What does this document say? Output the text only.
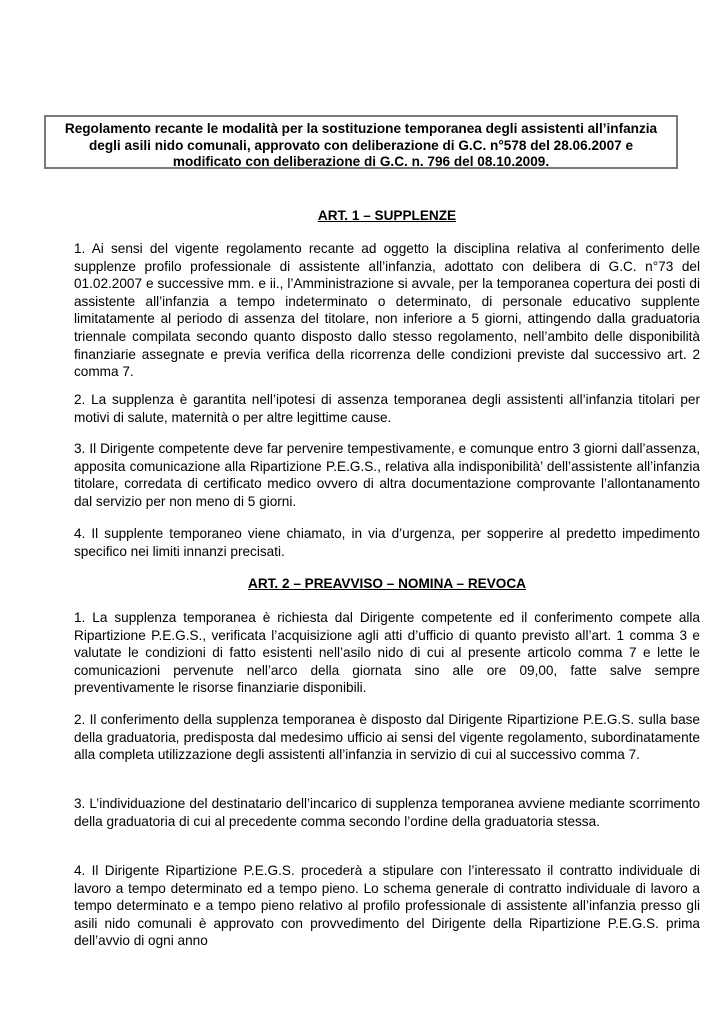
Regolamento recante le modalità per la sostituzione temporanea degli assistenti all’infanzia degli asili nido comunali, approvato con deliberazione di G.C. n°578 del 28.06.2007 e modificato con deliberazione di G.C. n. 796 del 08.10.2009.
ART. 1 – SUPPLENZE

1. Ai sensi del vigente regolamento recante ad oggetto la disciplina relativa al conferimento delle supplenze profilo professionale di assistente all’infanzia, adottato con delibera di G.C. n°73 del 01.02.2007 e successive mm. e ii., l’Amministrazione si avvale, per la temporanea copertura dei posti di assistente all’infanzia a tempo indeterminato o determinato, di personale educativo supplente limitatamente al periodo di assenza del titolare, non inferiore a 5 giorni, attingendo dalla graduatoria triennale compilata secondo quanto disposto dallo stesso regolamento, nell’ambito delle disponibilità finanziarie assegnate e previa verifica della ricorrenza delle condizioni previste dal successivo art. 2 comma 7.

2. La supplenza è garantita nell’ipotesi di assenza temporanea degli assistenti all’infanzia titolari per motivi di salute, maternità o per altre legittime cause.

3. Il Dirigente competente deve far pervenire tempestivamente, e comunque entro 3 giorni dall’assenza, apposita comunicazione alla Ripartizione P.E.G.S., relativa alla indisponibilità’ dell’assistente all’infanzia titolare, corredata di certificato medico ovvero di altra documentazione comprovante l’allontanamento dal servizio per non meno di 5 giorni.

4. Il supplente temporaneo viene chiamato, in via d’urgenza, per sopperire al predetto impedimento specifico nei limiti innanzi precisati.

ART. 2 – PREAVVISO – NOMINA – REVOCA

1. La supplenza temporanea è richiesta dal Dirigente competente ed il conferimento compete alla Ripartizione P.E.G.S., verificata l’acquisizione agli atti d’ufficio di quanto previsto all’art. 1 comma 3 e valutate le condizioni di fatto esistenti nell’asilo nido di cui al presente articolo comma 7 e lette le comunicazioni pervenute nell’arco della giornata sino alle ore 09,00, fatte salve sempre preventivamente le risorse finanziarie disponibili.

2. Il conferimento della supplenza temporanea è disposto dal Dirigente Ripartizione P.E.G.S. sulla base della graduatoria, predisposta dal medesimo ufficio ai sensi del vigente regolamento, subordinatamente alla completa utilizzazione degli assistenti all’infanzia in servizio di cui al successivo comma 7.

3. L’individuazione del destinatario dell’incarico di supplenza temporanea avviene mediante scorrimento della graduatoria di cui al precedente comma secondo l’ordine della graduatoria stessa.

4. Il Dirigente Ripartizione P.E.G.S. procederà a stipulare con l’interessato il contratto individuale di lavoro a tempo determinato ed a tempo pieno. Lo schema generale di contratto individuale di lavoro a tempo determinato e a tempo pieno relativo al profilo professionale di assistente all’infanzia presso gli asili nido comunali è approvato con provvedimento del Dirigente della Ripartizione P.E.G.S. prima dell’avvio di ogni anno
